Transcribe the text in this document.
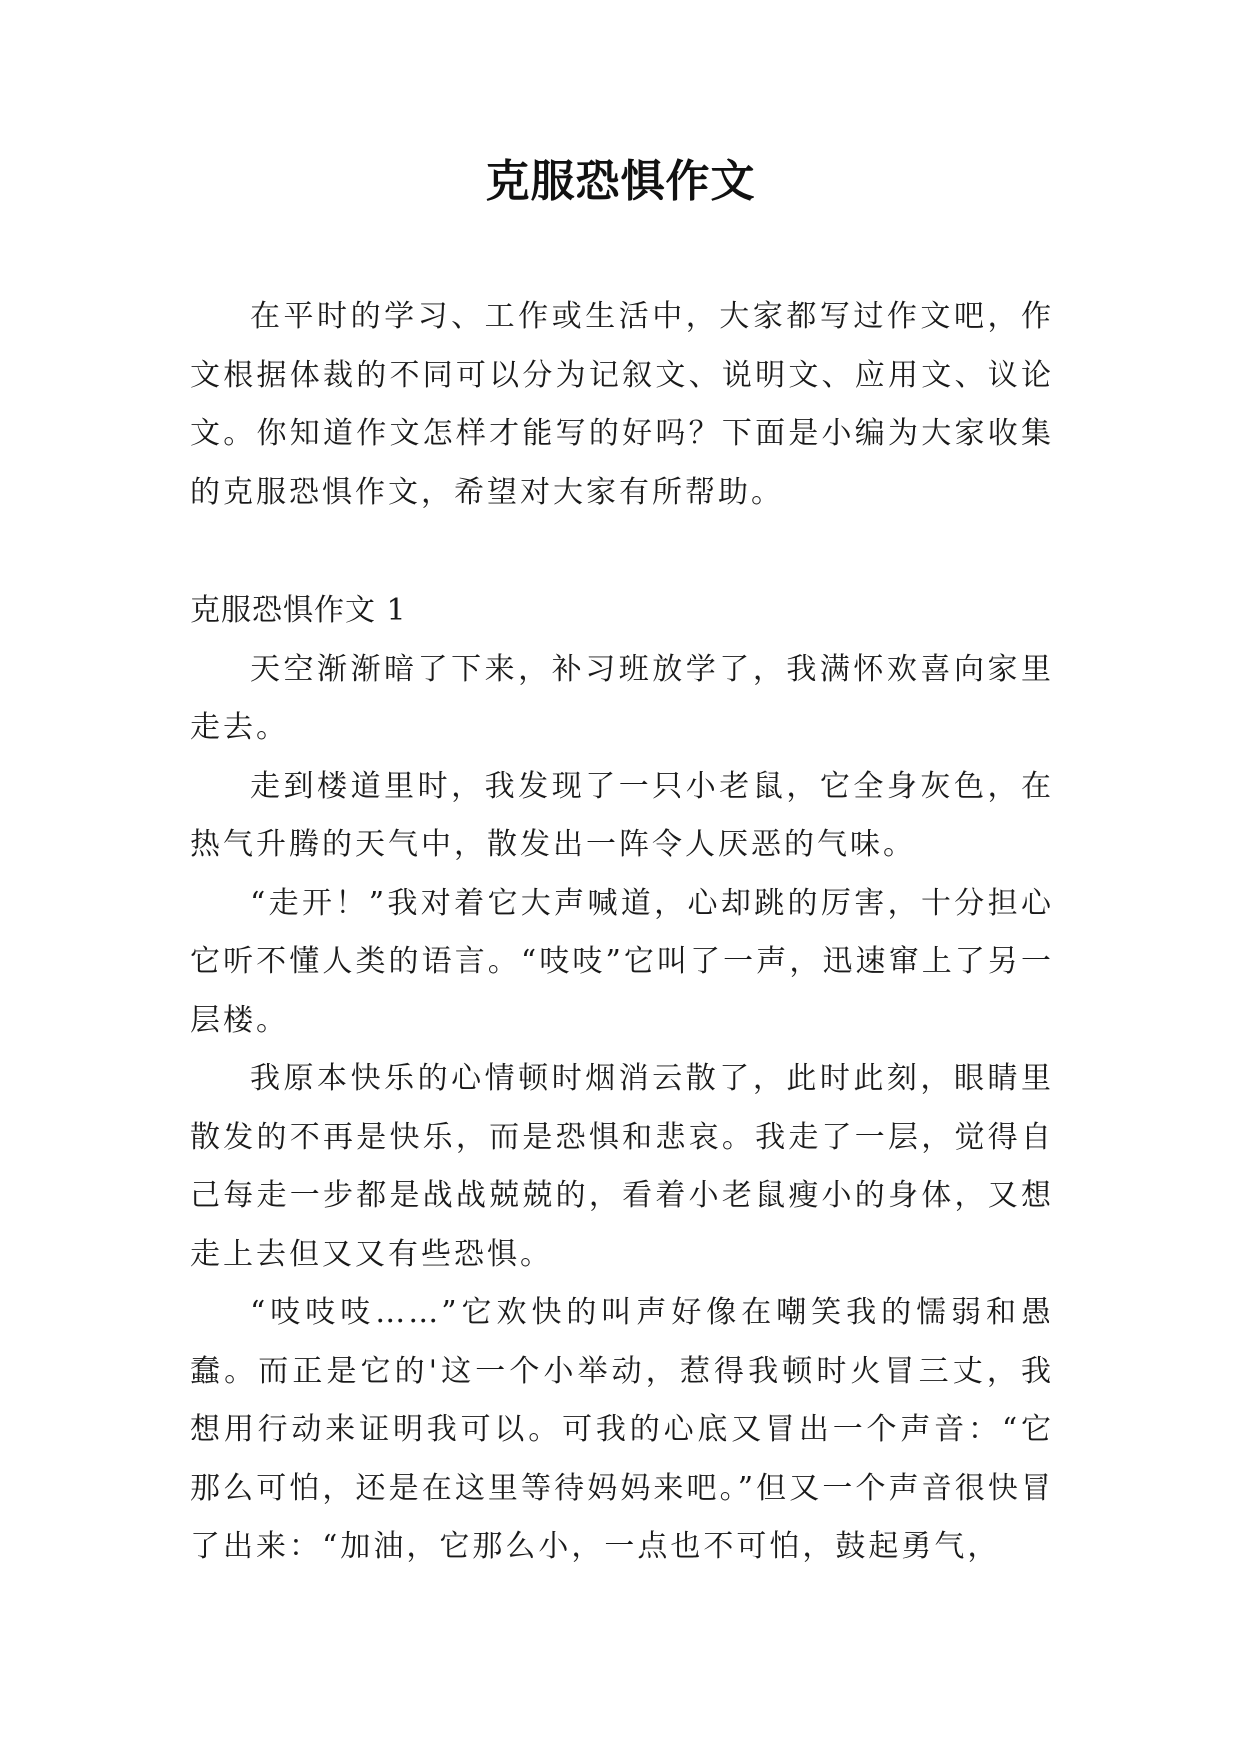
克服恐惧作文

在平时的学习、工作或生活中，大家都写过作文吧，作文根据体裁的不同可以分为记叙文、说明文、应用文、议论文。你知道作文怎样才能写的好吗？下面是小编为大家收集的克服恐惧作文，希望对大家有所帮助。

克服恐惧作文 1

天空渐渐暗了下来，补习班放学了，我满怀欢喜向家里走去。

走到楼道里时，我发现了一只小老鼠，它全身灰色，在热气升腾的天气中，散发出一阵令人厌恶的气味。

“走开！”我对着它大声喊道，心却跳的厉害，十分担心它听不懂人类的语言。“吱吱”它叫了一声，迅速窜上了另一层楼。

我原本快乐的心情顿时烟消云散了，此时此刻，眼睛里散发的不再是快乐，而是恐惧和悲哀。我走了一层，觉得自己每走一步都是战战兢兢的，看着小老鼠瘦小的身体，又想走上去但又又有些恐惧。

“吱吱吱……”它欢快的叫声好像在嘲笑我的懦弱和愚蠢。而正是它的'这一个小举动，惹得我顿时火冒三丈，我想用行动来证明我可以。可我的心底又冒出一个声音：“它那么可怕，还是在这里等待妈妈来吧。”但又一个声音很快冒了出来：“加油，它那么小，一点也不可怕，鼓起勇气，
